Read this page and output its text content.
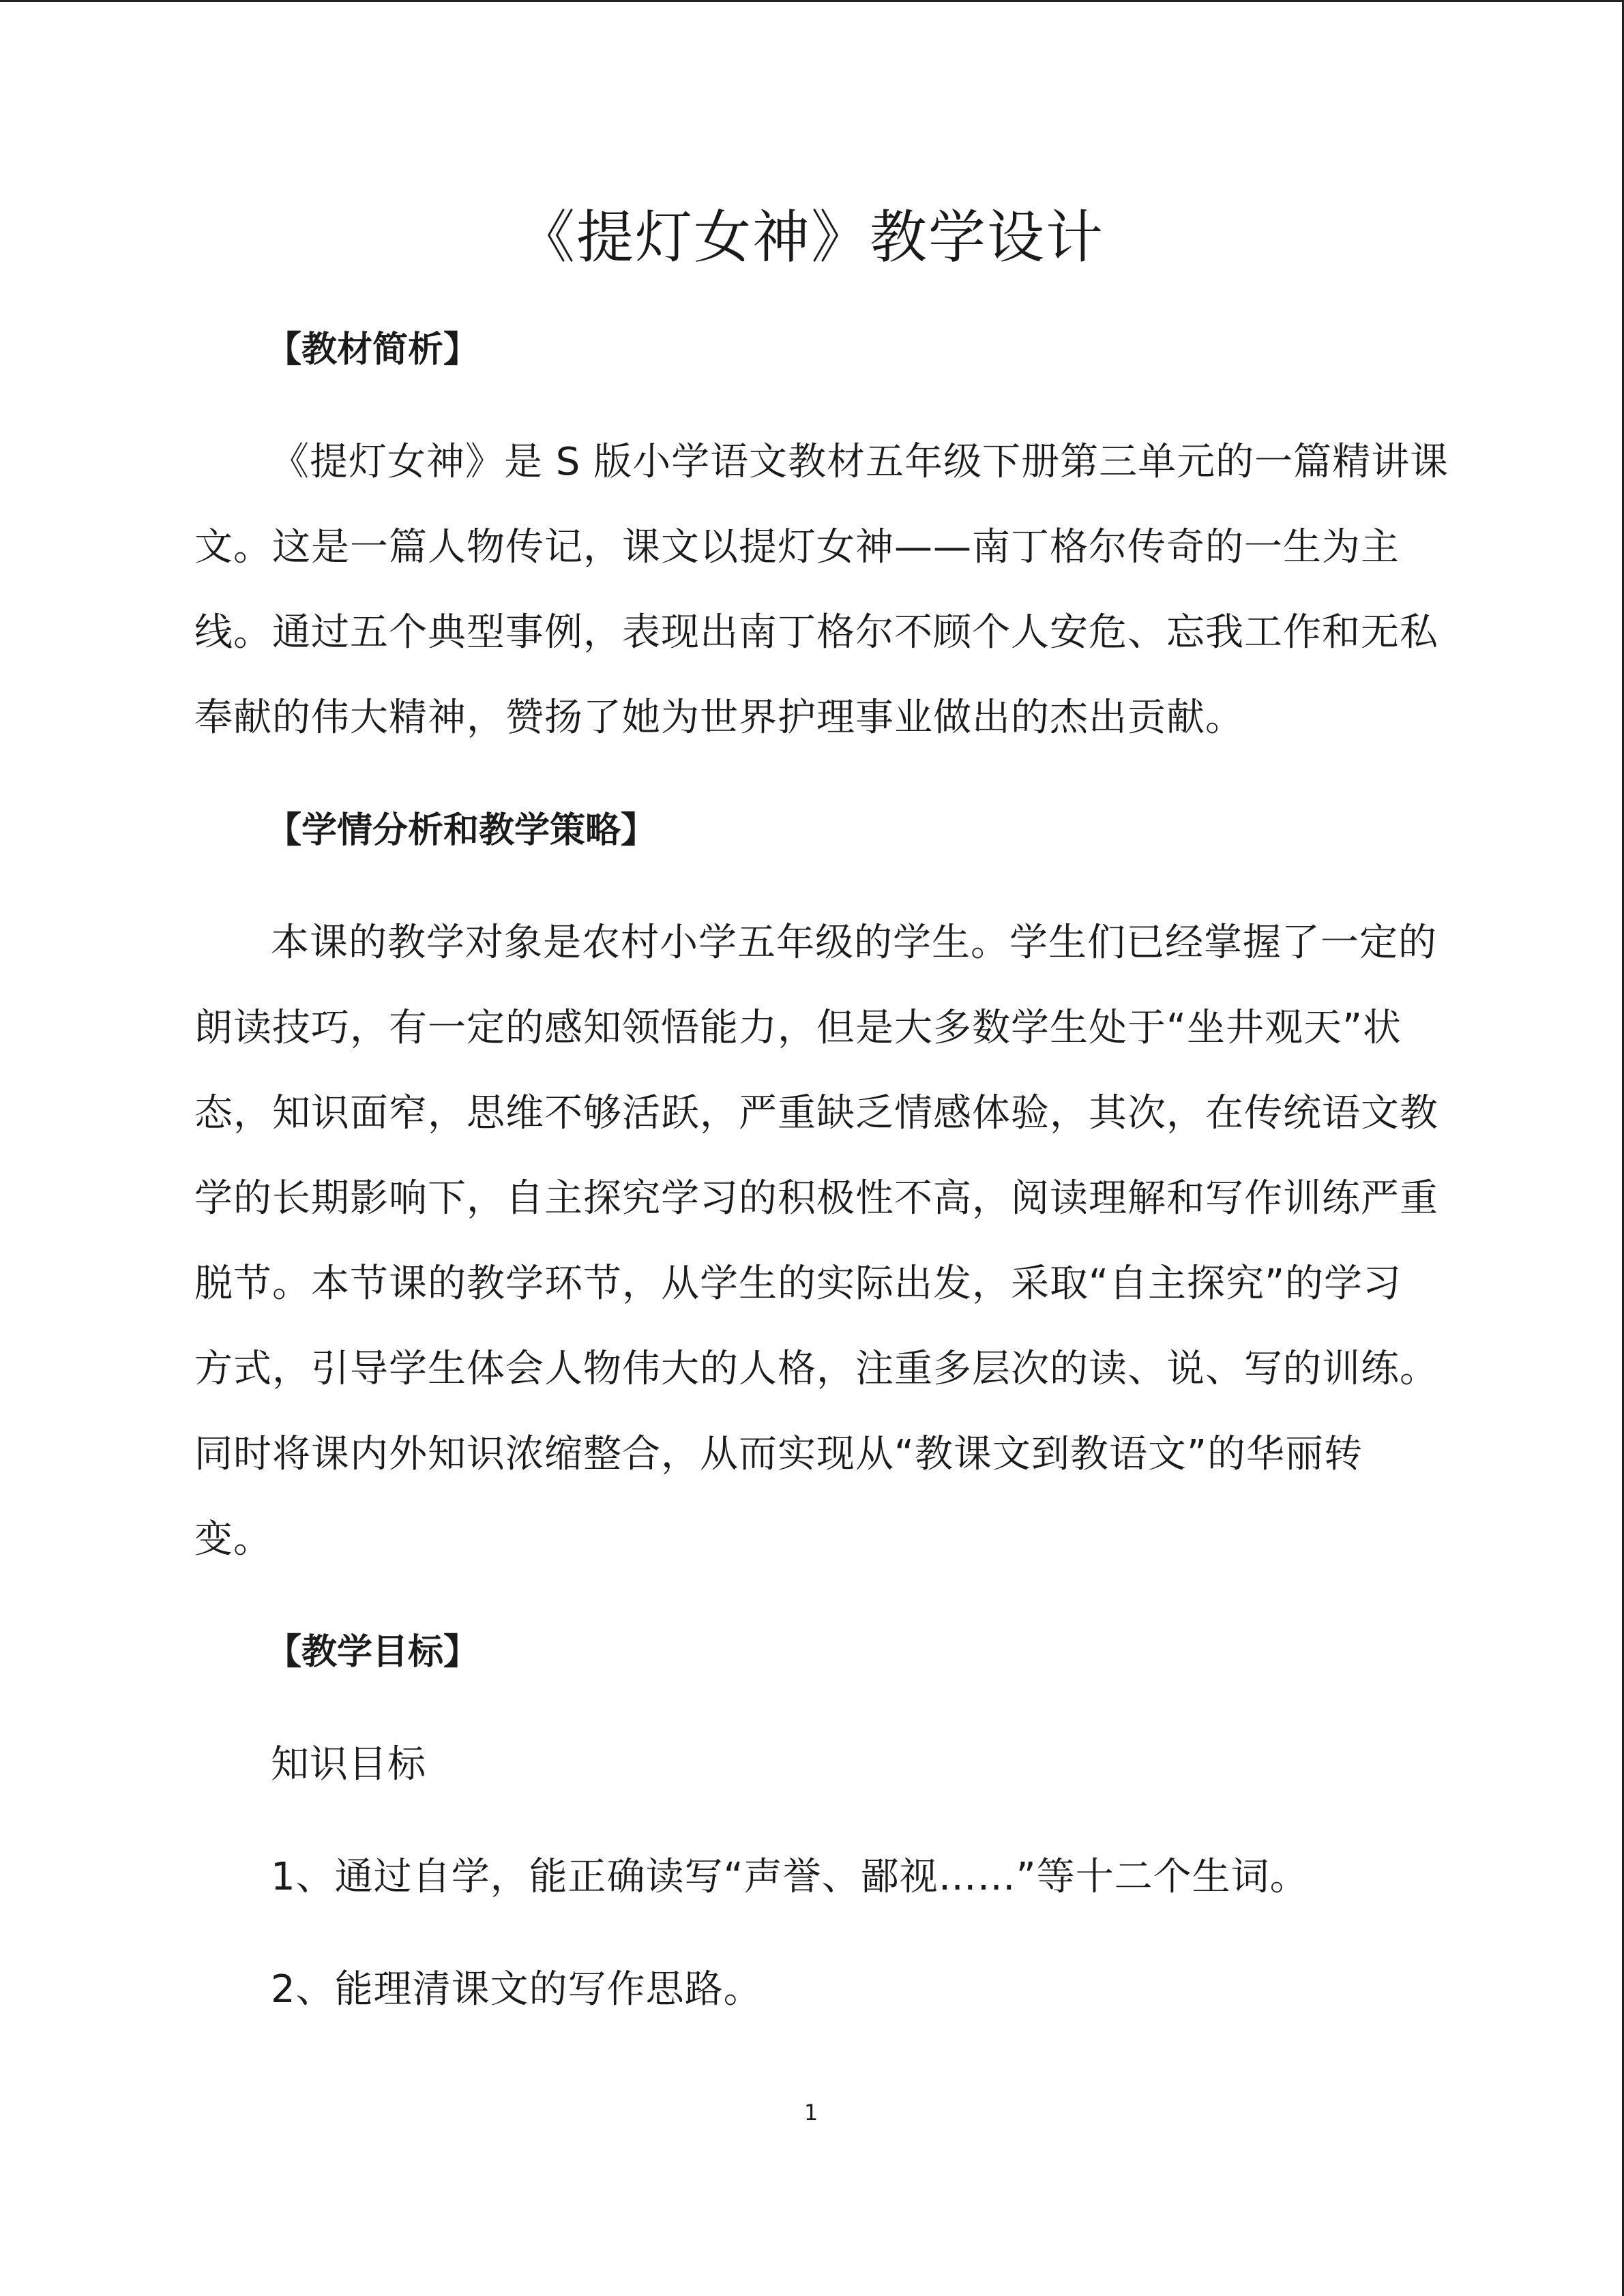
《提灯女神》教学设计
【教材简析】
《提灯女神》是 S 版小学语文教材五年级下册第三单元的一篇精讲课
文。这是一篇人物传记，课文以提灯女神——南丁格尔传奇的一生为主
线。通过五个典型事例，表现出南丁格尔不顾个人安危、忘我工作和无私
奉献的伟大精神，赞扬了她为世界护理事业做出的杰出贡献。
【学情分析和教学策略】
本课的教学对象是农村小学五年级的学生。学生们已经掌握了一定的
朗读技巧，有一定的感知领悟能力，但是大多数学生处于“坐井观天”状
态，知识面窄，思维不够活跃，严重缺乏情感体验，其次，在传统语文教
学的长期影响下，自主探究学习的积极性不高，阅读理解和写作训练严重
脱节。本节课的教学环节，从学生的实际出发，采取“自主探究”的学习
方式，引导学生体会人物伟大的人格，注重多层次的读、说、写的训练。
同时将课内外知识浓缩整合，从而实现从“教课文到教语文”的华丽转
变。
【教学目标】
知识目标
1、通过自学，能正确读写“声誉、鄙视……”等十二个生词。
2、能理清课文的写作思路。
1
